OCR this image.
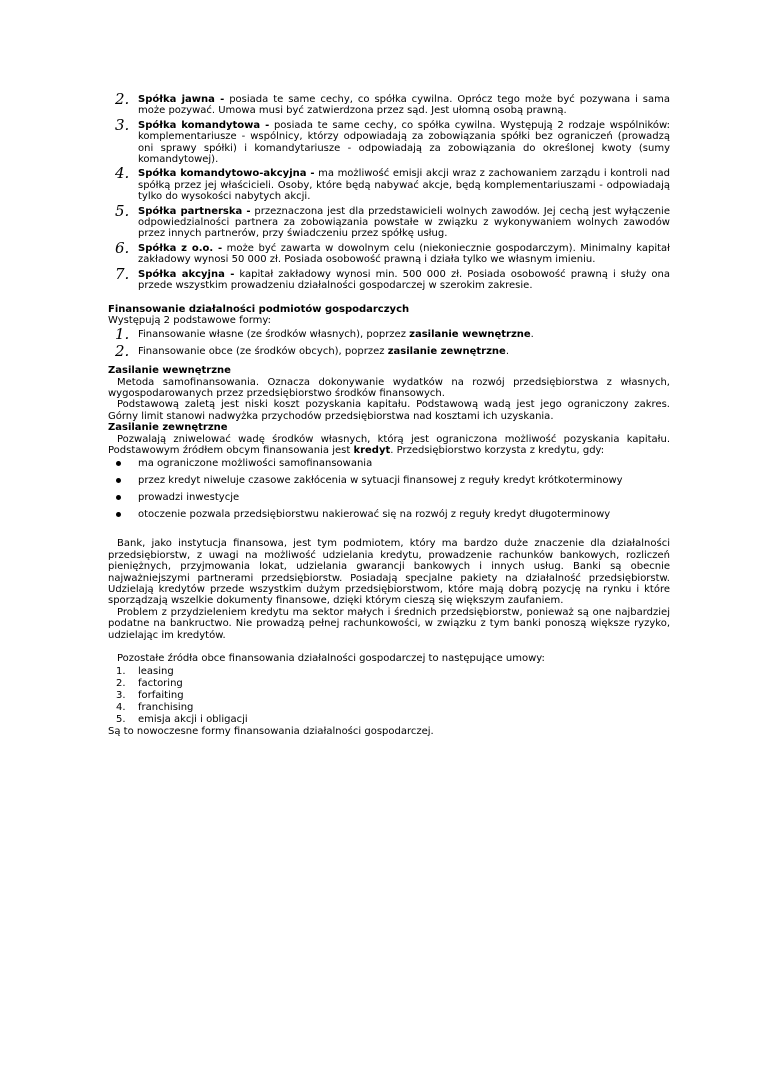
2. Spółka jawna - posiada te same cechy, co spółka cywilna. Oprócz tego może być pozywana i sama może pozywać. Umowa musi być zatwierdzona przez sąd. Jest ułomną osobą prawną.
3. Spółka komandytowa - posiada te same cechy, co spółka cywilna. Występują 2 rodzaje wspólników: komplementariusze - wspólnicy, którzy odpowiadają za zobowiązania spółki bez ograniczeń (prowadzą oni sprawy spółki) i komandytariusze - odpowiadają za zobowiązania do określonej kwoty (sumy komandytowej).
4. Spółka komandytowo-akcyjna - ma możliwość emisji akcji wraz z zachowaniem zarządu i kontroli nad spółką przez jej właścicieli. Osoby, które będą nabywać akcje, będą komplementariuszami - odpowiadają tylko do wysokości nabytych akcji.
5. Spółka partnerska - przeznaczona jest dla przedstawicieli wolnych zawodów. Jej cechą jest wyłączenie odpowiedzialności partnera za zobowiązania powstałe w związku z wykonywaniem wolnych zawodów przez innych partnerów, przy świadczeniu przez spółkę usług.
6. Spółka z o.o. - może być zawarta w dowolnym celu (niekoniecznie gospodarczym). Minimalny kapitał zakładowy wynosi 50 000 zł. Posiada osobowość prawną i działa tylko we własnym imieniu.
7. Spółka akcyjna - kapitał zakładowy wynosi min. 500 000 zł. Posiada osobowość prawną i służy ona przede wszystkim prowadzeniu działalności gospodarczej w szerokim zakresie.

Finansowanie działalności podmiotów gospodarczych

Występują 2 podstawowe formy:

1. Finansowanie własne (ze środków własnych), poprzez zasilanie wewnętrzne.
2. Finansowanie obce (ze środków obcych), poprzez zasilanie zewnętrzne.

Zasilanie wewnętrzne

Metoda samofinansowania. Oznacza dokonywanie wydatków na rozwój przedsiębiorstwa z własnych, wygospodarowanych przez przedsiębiorstwo środków finansowych.

Podstawową zaletą jest niski koszt pozyskania kapitału. Podstawową wadą jest jego ograniczony zakres. Górny limit stanowi nadwyżka przychodów przedsiębiorstwa nad kosztami ich uzyskania.

Zasilanie zewnętrzne

Pozwalają zniwelować wadę środków własnych, którą jest ograniczona możliwość pozyskania kapitału. Podstawowym źródłem obcym finansowania jest kredyt. Przedsiębiorstwo korzysta z kredytu, gdy:

ma ograniczone możliwości samofinansowania
przez kredyt niweluje czasowe zakłócenia w sytuacji finansowej z reguły kredyt krótkoterminowy
prowadzi inwestycje
otoczenie pozwala przedsiębiorstwu nakierować się na rozwój z reguły kredyt długoterminowy

Bank, jako instytucja finansowa, jest tym podmiotem, który ma bardzo duże znaczenie dla działalności przedsiębiorstw, z uwagi na możliwość udzielania kredytu, prowadzenie rachunków bankowych, rozliczeń pieniężnych, przyjmowania lokat, udzielania gwarancji bankowych i innych usług. Banki są obecnie najważniejszymi partnerami przedsiębiorstw. Posiadają specjalne pakiety na działalność przedsiębiorstw. Udzielają kredytów przede wszystkim dużym przedsiębiorstwom, które mają dobrą pozycję na rynku i które sporządzają wszelkie dokumenty finansowe, dzięki którym cieszą się większym zaufaniem.

Problem z przydzieleniem kredytu ma sektor małych i średnich przedsiębiorstw, ponieważ są one najbardziej podatne na bankructwo. Nie prowadzą pełnej rachunkowości, w związku z tym banki ponoszą większe ryzyko, udzielając im kredytów.

Pozostałe źródła obce finansowania działalności gospodarczej to następujące umowy:

1. leasing
2. factoring
3. forfaiting
4. franchising
5. emisja akcji i obligacji

Są to nowoczesne formy finansowania działalności gospodarczej.
